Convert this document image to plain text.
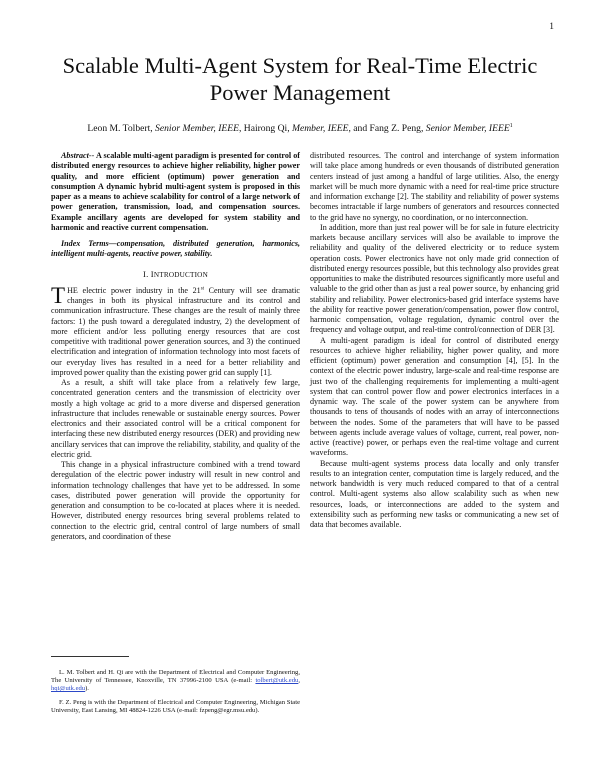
1
Scalable Multi-Agent System for Real-Time Electric Power Management
Leon M. Tolbert, Senior Member, IEEE, Hairong Qi, Member, IEEE, and Fang Z. Peng, Senior Member, IEEE$^1$

Abstract-- A scalable multi-agent paradigm is presented for control of distributed energy resources to achieve higher reliability, higher power quality, and more efficient (optimum) power generation and consumption A dynamic hybrid multi-agent system is proposed in this paper as a means to achieve scalability for control of a large network of power generation, transmission, load, and compensation sources. Example ancillary agents are developed for system stability and harmonic and reactive current compensation.

Index Terms—compensation, distributed generation, harmonics, intelligent multi-agents, reactive power, stability.

I. INTRODUCTION

THE electric power industry in the 21st Century will see dramatic changes in both its physical infrastructure and its control and communication infrastructure. These changes are the result of mainly three factors: 1) the push toward a deregulated industry, 2) the development of more efficient and/or less polluting energy resources that are cost competitive with traditional power generation sources, and 3) the continued electrification and integration of information technology into most facets of our everyday lives has resulted in a need for a better reliability and improved power quality than the existing power grid can supply [1].

As a result, a shift will take place from a relatively few large, concentrated generation centers and the transmission of electricity over mostly a high voltage ac grid to a more diverse and dispersed generation infrastructure that includes renewable or sustainable energy sources. Power electronics and their associated control will be a critical component for interfacing these new distributed energy resources (DER) and providing new ancillary services that can improve the reliability, stability, and quality of the electric grid.

This change in a physical infrastructure combined with a trend toward deregulation of the electric power industry will result in new control and information technology challenges that have yet to be addressed. In some cases, distributed power generation will provide the opportunity for generation and consumption to be co-located at places where it is needed. However, distributed energy resources bring several problems related to connection to the electric grid, central control of large numbers of small generators, and coordination of these

distributed resources. The control and interchange of system information will take place among hundreds or even thousands of distributed generation centers instead of just among a handful of large utilities. Also, the energy market will be much more dynamic with a need for real-time price structure and information exchange [2]. The stability and reliability of power systems becomes intractable if large numbers of generators and resources connected to the grid have no synergy, no coordination, or no interconnection.

In addition, more than just real power will be for sale in future electricity markets because ancillary services will also be available to improve the reliability and quality of the delivered electricity or to reduce system operation costs. Power electronics have not only made grid connection of distributed energy resources possible, but this technology also provides great opportunities to make the distributed resources significantly more useful and valuable to the grid other than as just a real power source, by enhancing grid stability and reliability. Power electronics-based grid interface systems have the ability for reactive power generation/compensation, power flow control, harmonic compensation, voltage regulation, dynamic control over the frequency and voltage output, and real-time control/connection of DER [3].

A multi-agent paradigm is ideal for control of distributed energy resources to achieve higher reliability, higher power quality, and more efficient (optimum) power generation and consumption [4], [5]. In the context of the electric power industry, large-scale and real-time response are just two of the challenging requirements for implementing a multi-agent system that can control power flow and power electronics interfaces in a dynamic way. The scale of the power system can be anywhere from thousands to tens of thousands of nodes with an array of interconnections between the nodes. Some of the parameters that will have to be passed between agents include average values of voltage, current, real power, non-active (reactive) power, or perhaps even the real-time voltage and current waveforms.

Because multi-agent systems process data locally and only transfer results to an integration center, computation time is largely reduced, and the network bandwidth is very much reduced compared to that of a central control. Multi-agent systems also allow scalability such as when new resources, loads, or interconnections are added to the system and extensibility such as performing new tasks or communicating a new set of data that becomes available.

L. M. Tolbert and H. Qi are with the Department of Electrical and Computer Engineering, The University of Tennessee, Knoxville, TN 37996-2100 USA (e-mail: tolbert@utk.edu, hqi@utk.edu).

F. Z. Peng is with the Department of Electrical and Computer Engineering, Michigan State University, East Lansing, MI 48824-1226 USA (e-mail: fzpeng@egr.msu.edu).
